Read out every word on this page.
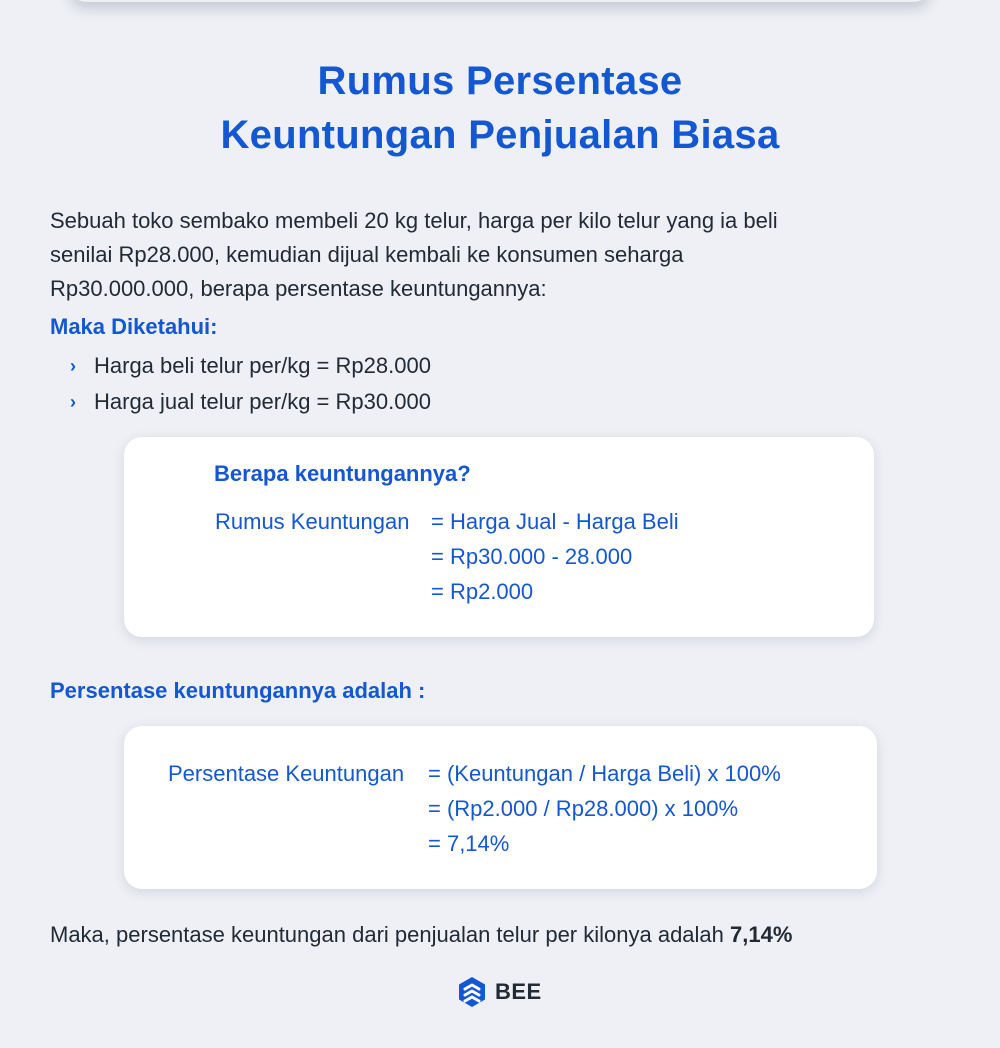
Rumus Persentase
Keuntungan Penjualan Biasa

Sebuah toko sembako membeli 20 kg telur, harga per kilo telur yang ia beli
senilai Rp28.000, kemudian dijual kembali ke konsumen seharga
Rp30.000.000, berapa persentase keuntungannya:

Maka Diketahui:
› Harga beli telur per/kg = Rp28.000
› Harga jual telur per/kg = Rp30.000
Berapa keuntungannya?
Rumus Keuntungan = Harga Jual - Harga Beli
= Rp30.000 - 28.000
= Rp2.000
Persentase keuntungannya adalah :
Persentase Keuntungan	= (Keuntungan / Harga Beli) x 100%
= (Rp2.000 / Rp28.000) x 100%
= 7,14%
Maka, persentase keuntungan dari penjualan telur per kilonya adalah 7,14%
BEE
